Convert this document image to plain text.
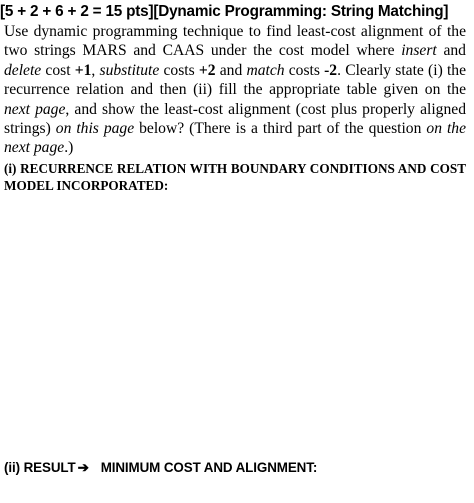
[5 + 2 + 6 + 2 = 15 pts][Dynamic Programming: String Matching]
Use dynamic programming technique to find least-cost alignment of the two strings MARS and CAAS under the cost model where insert and delete cost +1, substitute costs +2 and match costs -2. Clearly state (i) the recurrence relation and then (ii) fill the appropriate table given on the next page, and show the least-cost alignment (cost plus properly aligned strings) on this page below? (There is a third part of the question on the next page.)
(i) RECURRENCE RELATION WITH BOUNDARY CONDITIONS AND COST MODEL INCORPORATED:
(ii) RESULT ➔ MINIMUM COST AND ALIGNMENT:
